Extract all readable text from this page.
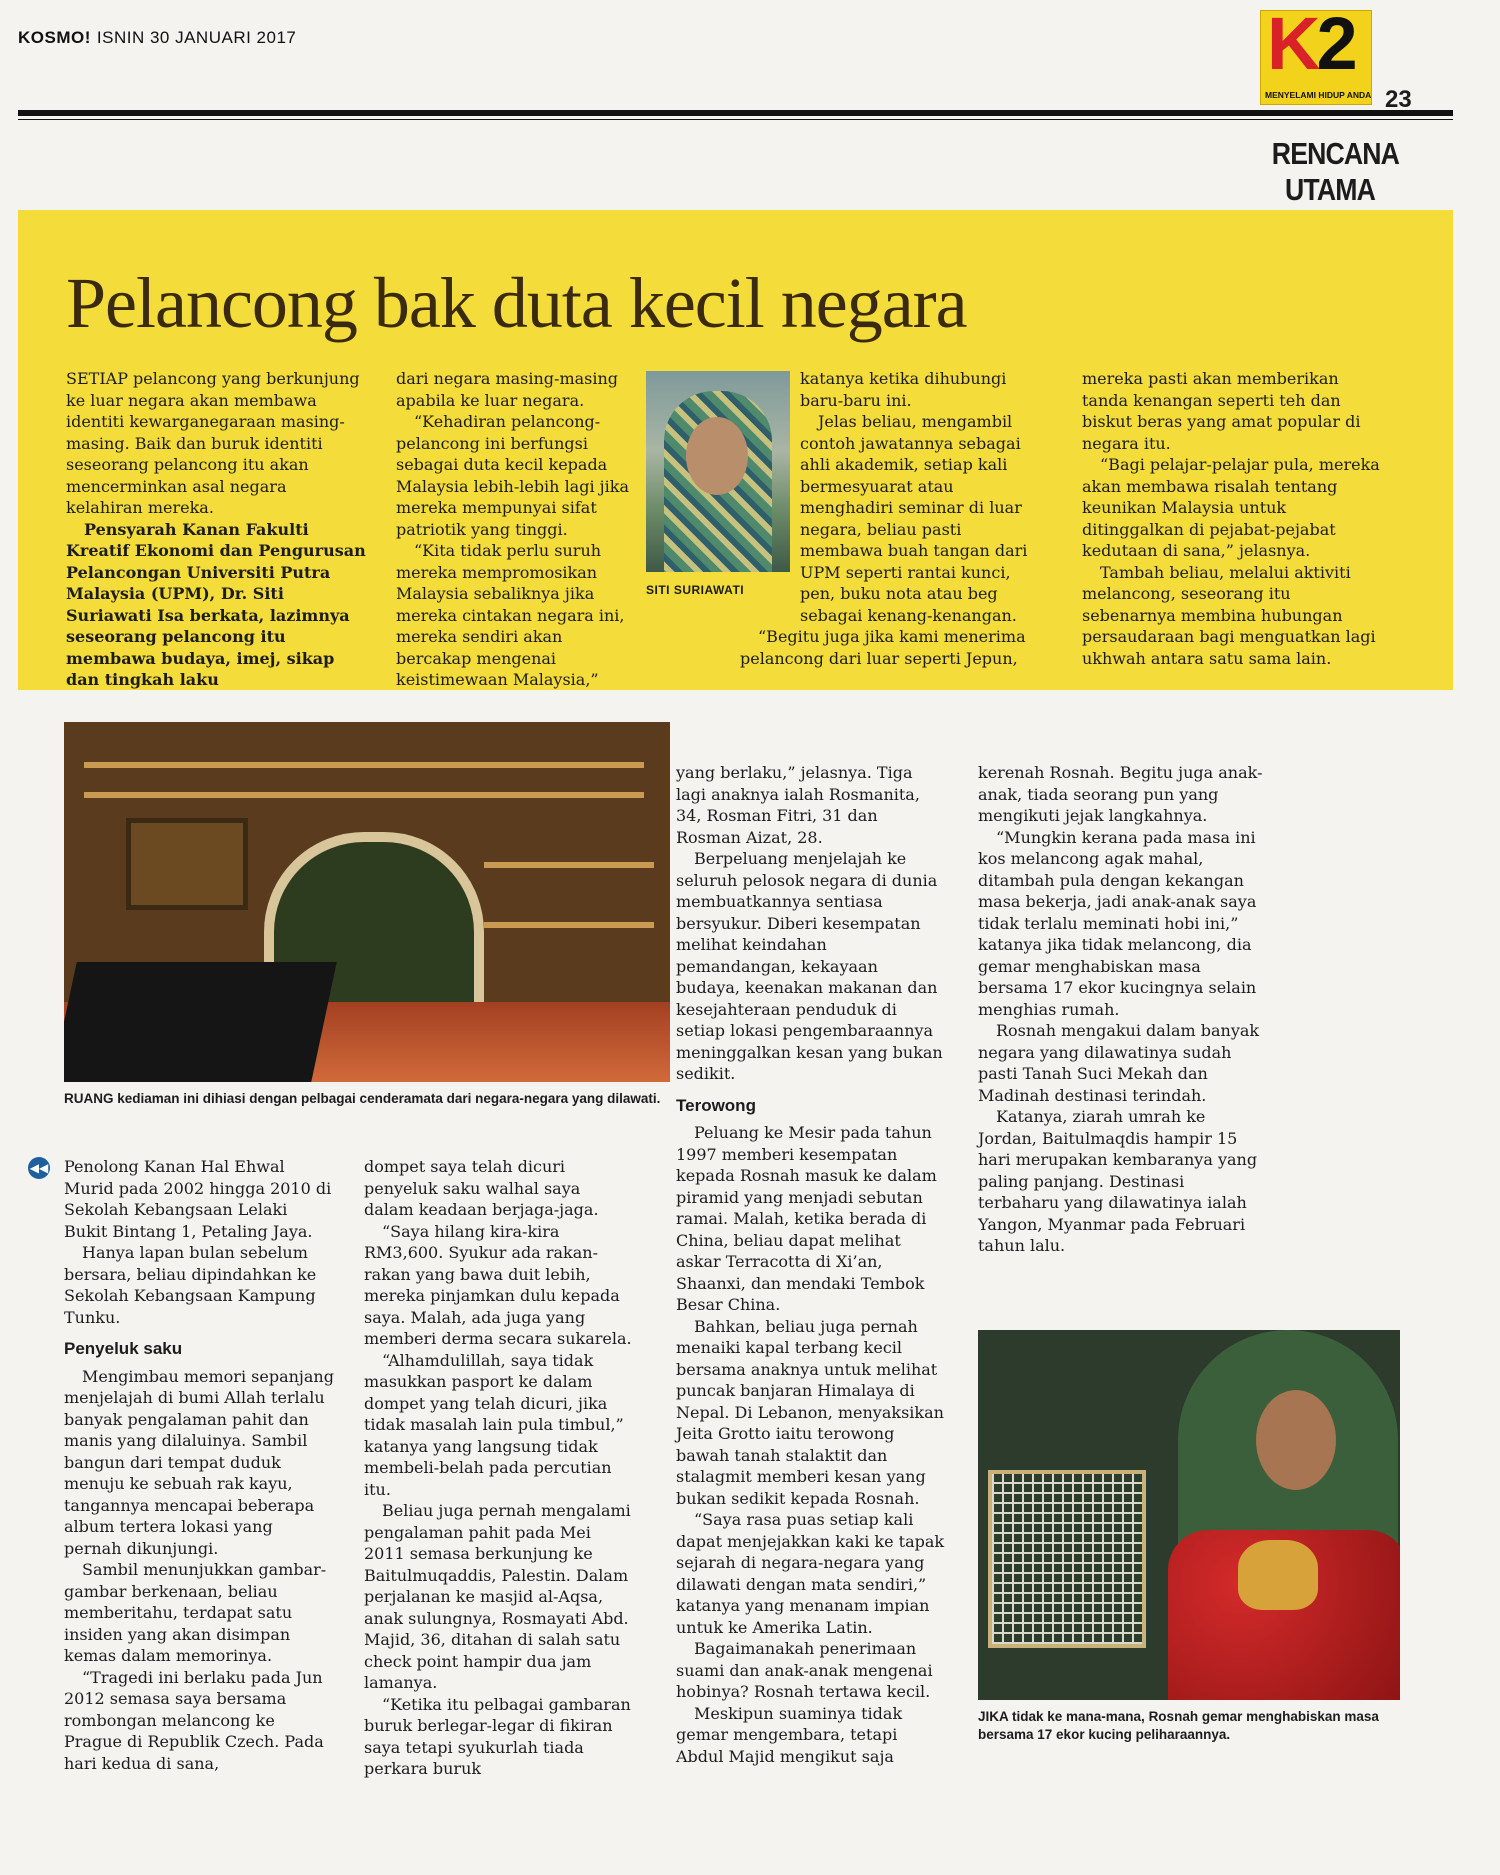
KOSMO! ISNIN 30 JANUARI 2017	K2
MENYELAMI HIDUP ANDA 23
RENCANA
UTAMA
Pelancong bak duta kecil negara

SETIAP pelancong yang berkunjung ke luar negara akan membawa identiti kewarganegaraan masing-masing. Baik dan buruk identiti seseorang pelancong itu akan mencerminkan asal negara kelahiran mereka.

Pensyarah Kanan Fakulti Kreatif Ekonomi dan Pengurusan Pelancongan Universiti Putra Malaysia (UPM), Dr. Siti Suriawati Isa berkata, lazimnya seseorang pelancong itu membawa budaya, imej, sikap dan tingkah laku

dari negara masing-masing apabila ke luar negara.

“Kehadiran pelancong-pelancong ini berfungsi sebagai duta kecil kepada Malaysia lebih-lebih lagi jika mereka mempunyai sifat patriotik yang tinggi.

“Kita tidak perlu suruh mereka mempromosikan Malaysia sebaliknya jika mereka cintakan negara ini, mereka sendiri akan bercakap mengenai keistimewaan Malaysia,”

SITI SURIAWATI

katanya ketika dihubungi baru-baru ini.

Jelas beliau, mengambil contoh jawatannya sebagai ahli akademik, setiap kali bermesyuarat atau menghadiri seminar di luar negara, beliau pasti membawa buah tangan dari UPM seperti rantai kunci, pen, buku nota atau beg sebagai kenang-kenangan.

“Begitu juga jika kami menerima pelancong dari luar seperti Jepun,

mereka pasti akan memberikan tanda kenangan seperti teh dan biskut beras yang amat popular di negara itu.

“Bagi pelajar-pelajar pula, mereka akan membawa risalah tentang keunikan Malaysia untuk ditinggalkan di pejabat-pejabat kedutaan di sana,” jelasnya.

Tambah beliau, melalui aktiviti melancong, seseorang itu sebenarnya membina hubungan persaudaraan bagi menguatkan lagi ukhwah antara satu sama lain.

RUANG kediaman ini dihiasi dengan pelbagai cenderamata dari negara-negara yang dilawati.
◀◀ Penolong Kanan Hal Ehwal Murid pada 2002 hingga 2010 di Sekolah Kebangsaan Lelaki Bukit Bintang 1, Petaling Jaya.

Hanya lapan bulan sebelum bersara, beliau dipindahkan ke Sekolah Kebangsaan Kampung Tunku.

Penyeluk saku

Mengimbau memori sepanjang menjelajah di bumi Allah terlalu banyak pengalaman pahit dan manis yang dilaluinya. Sambil bangun dari tempat duduk menuju ke sebuah rak kayu, tangannya mencapai beberapa album tertera lokasi yang pernah dikunjungi.

Sambil menunjukkan gambar-gambar berkenaan, beliau memberitahu, terdapat satu insiden yang akan disimpan kemas dalam memorinya.

“Tragedi ini berlaku pada Jun 2012 semasa saya bersama rombongan melancong ke Prague di Republik Czech. Pada hari kedua di sana,

dompet saya telah dicuri penyeluk saku walhal saya dalam keadaan berjaga-jaga.

“Saya hilang kira-kira RM3,600. Syukur ada rakan-rakan yang bawa duit lebih, mereka pinjamkan dulu kepada saya. Malah, ada juga yang memberi derma secara sukarela.

“Alhamdulillah, saya tidak masukkan pasport ke dalam dompet yang telah dicuri, jika tidak masalah lain pula timbul,” katanya yang langsung tidak membeli-belah pada percutian itu.

Beliau juga pernah mengalami pengalaman pahit pada Mei 2011 semasa berkunjung ke Baitulmuqaddis, Palestin. Dalam perjalanan ke masjid al-Aqsa, anak sulungnya, Rosmayati Abd. Majid, 36, ditahan di salah satu check point hampir dua jam lamanya.

“Ketika itu pelbagai gambaran buruk berlegar-legar di fikiran saya tetapi syukurlah tiada perkara buruk

yang berlaku,” jelasnya. Tiga lagi anaknya ialah Rosmanita, 34, Rosman Fitri, 31 dan Rosman Aizat, 28.

Berpeluang menjelajah ke seluruh pelosok negara di dunia membuatkannya sentiasa bersyukur. Diberi kesempatan melihat keindahan pemandangan, kekayaan budaya, keenakan makanan dan kesejahteraan penduduk di setiap lokasi pengembaraannya meninggalkan kesan yang bukan sedikit.

Terowong

Peluang ke Mesir pada tahun 1997 memberi kesempatan kepada Rosnah masuk ke dalam piramid yang menjadi sebutan ramai. Malah, ketika berada di China, beliau dapat melihat askar Terracotta di Xi’an, Shaanxi, dan mendaki Tembok Besar China.

Bahkan, beliau juga pernah menaiki kapal terbang kecil bersama anaknya untuk melihat puncak banjaran Himalaya di Nepal. Di Lebanon, menyaksikan Jeita Grotto iaitu terowong bawah tanah stalaktit dan stalagmit memberi kesan yang bukan sedikit kepada Rosnah.

“Saya rasa puas setiap kali dapat menjejakkan kaki ke tapak sejarah di negara-negara yang dilawati dengan mata sendiri,” katanya yang menanam impian untuk ke Amerika Latin.

Bagaimanakah penerimaan suami dan anak-anak mengenai hobinya? Rosnah tertawa kecil.

Meskipun suaminya tidak gemar mengembara, tetapi Abdul Majid mengikut saja

kerenah Rosnah. Begitu juga anak-anak, tiada seorang pun yang mengikuti jejak langkahnya.

“Mungkin kerana pada masa ini kos melancong agak mahal, ditambah pula dengan kekangan masa bekerja, jadi anak-anak saya tidak terlalu meminati hobi ini,” katanya jika tidak melancong, dia gemar menghabiskan masa bersama 17 ekor kucingnya selain menghias rumah.

Rosnah mengakui dalam banyak negara yang dilawatinya sudah pasti Tanah Suci Mekah dan Madinah destinasi terindah.

Katanya, ziarah umrah ke Jordan, Baitulmaqdis hampir 15 hari merupakan kembaranya yang paling panjang. Destinasi terbaharu yang dilawatinya ialah Yangon, Myanmar pada Februari tahun lalu.

JIKA tidak ke mana-mana, Rosnah gemar menghabiskan masa bersama 17 ekor kucing peliharaannya.
